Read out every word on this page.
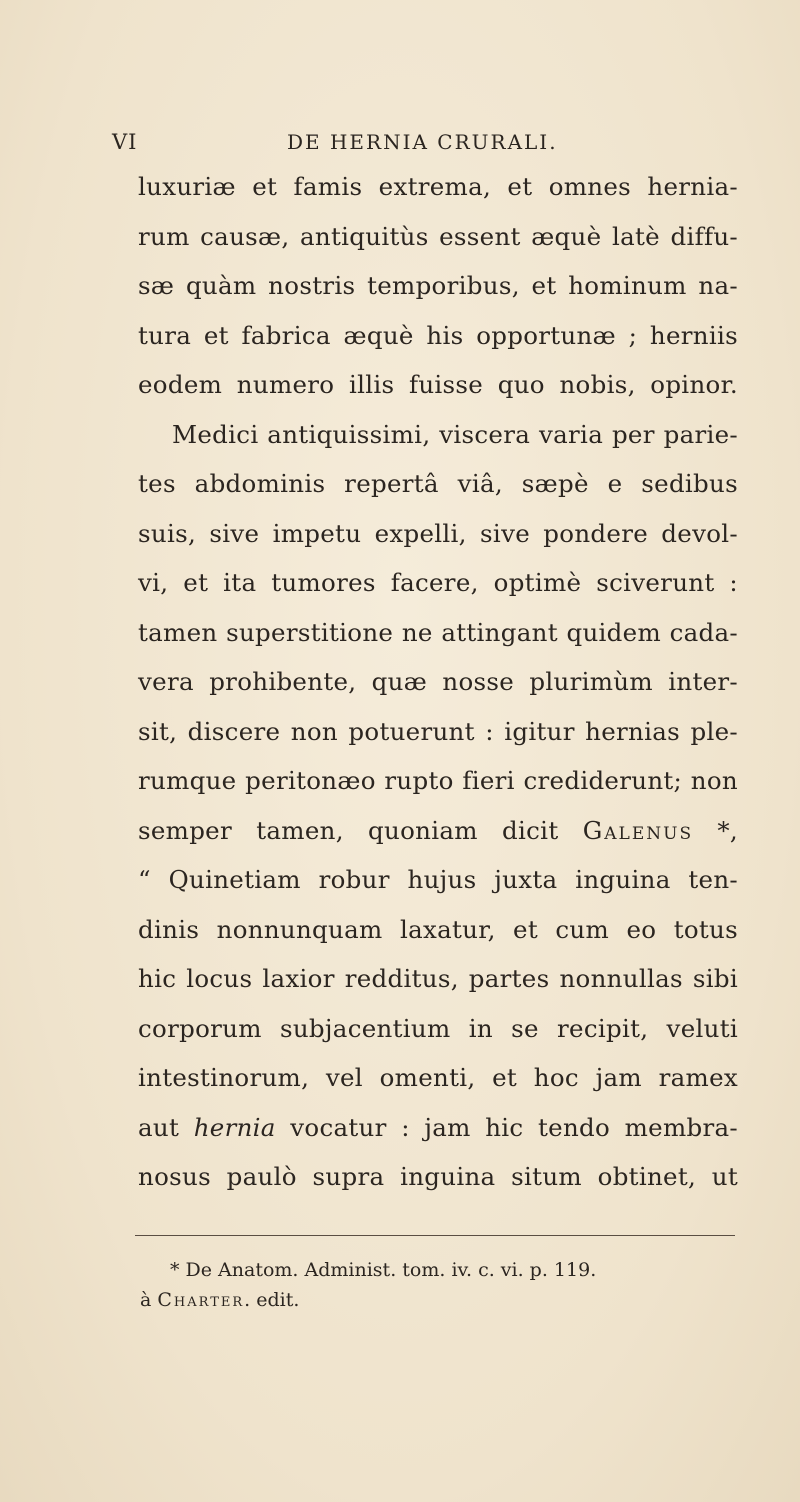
VI	DE HERNIA CRURALI.
luxuriæ et famis extrema, et omnes hernia-
rum causæ, antiquitùs essent æquè latè diffu-
sæ quàm nostris temporibus, et hominum na-
tura et fabrica æquè his opportunæ ; herniis
eodem numero illis fuisse quo nobis, opinor.
Medici antiquissimi, viscera varia per parie-
tes abdominis repertâ viâ, sæpè e sedibus
suis, sive impetu expelli, sive pondere devol-
vi, et ita tumores facere, optimè sciverunt :
tamen superstitione ne attingant quidem cada-
vera prohibente, quæ nosse plurimùm inter-
sit, discere non potuerunt : igitur hernias ple-
rumque peritonæo rupto fieri crediderunt; non
semper tamen, quoniam dicit Galenus *,
“ Quinetiam robur hujus juxta inguina ten-
dinis nonnunquam laxatur, et cum eo totus
hic locus laxior redditus, partes nonnullas sibi
corporum subjacentium in se recipit, veluti
intestinorum, vel omenti, et hoc jam ramex
aut hernia vocatur : jam hic tendo membra-
nosus paulò supra inguina situm obtinet, ut
* De Anatom. Administ. tom. iv. c. vi. p. 119.
à Charter. edit.
